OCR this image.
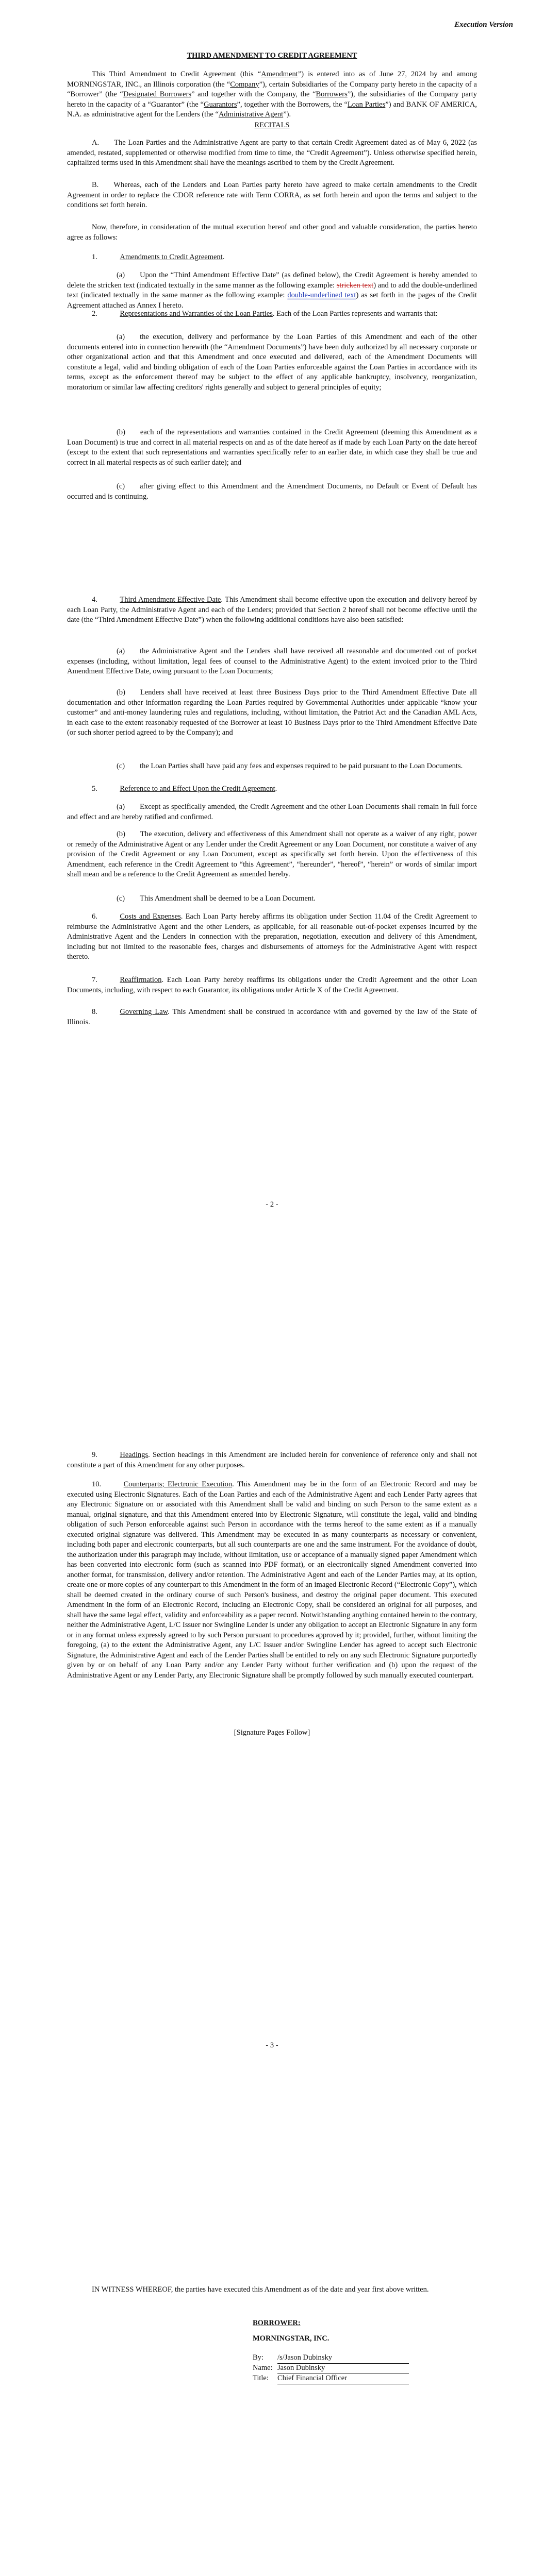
Execution Version
THIRD AMENDMENT TO CREDIT AGREEMENT

This Third Amendment to Credit Agreement (this “Amendment”) is entered into as of June 27, 2024 by and among MORNINGSTAR, INC., an Illinois corporation (the “Company”), certain Subsidiaries of the Company party hereto in the capacity of a “Borrower” (the “Designated Borrowers” and together with the Company, the “Borrowers”), the subsidiaries of the Company party hereto in the capacity of a “Guarantor” (the “Guarantors”, together with the Borrowers, the “Loan Parties”) and BANK OF AMERICA, N.A. as administrative agent for the Lenders (the “Administrative Agent”).

RECITALS

A.  The Loan Parties and the Administrative Agent are party to that certain Credit Agreement dated as of May 6, 2022 (as amended, restated, supplemented or otherwise modified from time to time, the “Credit Agreement”). Unless otherwise specified herein, capitalized terms used in this Amendment shall have the meanings ascribed to them by the Credit Agreement.

B.  Whereas, each of the Lenders and Loan Parties party hereto have agreed to make certain amendments to the Credit Agreement in order to replace the CDOR reference rate with Term CORRA, as set forth herein and upon the terms and subject to the conditions set forth herein.

Now, therefore, in consideration of the mutual execution hereof and other good and valuable consideration, the parties hereto agree as follows:

1.   	Amendments to Credit Agreement.

(a)  Upon the “Third Amendment Effective Date” (as defined below), the Credit Agreement is hereby amended to delete the stricken text (indicated textually in the same manner as the following example: stricken text) and to add the double-underlined text (indicated textually in the same manner as the following example: double-underlined text) as set forth in the pages of the Credit Agreement attached as Annex I hereto.

2.   	Representations and Warranties of the Loan Parties. Each of the Loan Parties represents and warrants that:

(a)  the execution, delivery and performance by the Loan Parties of this Amendment and each of the other documents entered into in connection herewith (the “Amendment Documents”) have been duly authorized by all necessary corporate or other organizational action and that this Amendment and once executed and delivered, each of the Amendment Documents will constitute a legal, valid and binding obligation of each of the Loan Parties enforceable against the Loan Parties in accordance with its terms, except as the enforcement thereof may be subject to the effect of any applicable bankruptcy, insolvency, reorganization, moratorium or similar law affecting creditors' rights generally and subject to general principles of equity;

(b)  each of the representations and warranties contained in the Credit Agreement (deeming this Amendment as a Loan Document) is true and correct in all material respects on and as of the date hereof as if made by each Loan Party on the date hereof (except to the extent that such representations and warranties specifically refer to an earlier date, in which case they shall be true and correct in all material respects as of such earlier date); and

(c)  after giving effect to this Amendment and the Amendment Documents, no Default or Event of Default has occurred and is continuing.

4.   	Third Amendment Effective Date. This Amendment shall become effective upon the execution and delivery hereof by each Loan Party, the Administrative Agent and each of the Lenders; provided that Section 2 hereof shall not become effective until the date (the “Third Amendment Effective Date”) when the following additional conditions have also been satisfied:

(a)  the Administrative Agent and the Lenders shall have received all reasonable and documented out of pocket expenses (including, without limitation, legal fees of counsel to the Administrative Agent) to the extent invoiced prior to the Third Amendment Effective Date, owing pursuant to the Loan Documents;

(b)  Lenders shall have received at least three Business Days prior to the Third Amendment Effective Date all documentation and other information regarding the Loan Parties required by Governmental Authorities under applicable “know your customer” and anti-money laundering rules and regulations, including, without limitation, the Patriot Act and the Canadian AML Acts, in each case to the extent reasonably requested of the Borrower at least 10 Business Days prior to the Third Amendment Effective Date (or such shorter period agreed to by the Company); and

(c)  the Loan Parties shall have paid any fees and expenses required to be paid pursuant to the Loan Documents.

5.   	Reference to and Effect Upon the Credit Agreement.

(a)  Except as specifically amended, the Credit Agreement and the other Loan Documents shall remain in full force and effect and are hereby ratified and confirmed.

(b)  The execution, delivery and effectiveness of this Amendment shall not operate as a waiver of any right, power or remedy of the Administrative Agent or any Lender under the Credit Agreement or any Loan Document, nor constitute a waiver of any provision of the Credit Agreement or any Loan Document, except as specifically set forth herein. Upon the effectiveness of this Amendment, each reference in the Credit Agreement to “this Agreement”, “hereunder”, “hereof”, “herein” or words of similar import shall mean and be a reference to the Credit Agreement as amended hereby.

(c)  This Amendment shall be deemed to be a Loan Document.

6.   	Costs and Expenses. Each Loan Party hereby affirms its obligation under Section 11.04 of the Credit Agreement to reimburse the Administrative Agent and the other Lenders, as applicable, for all reasonable out-of-pocket expenses incurred by the Administrative Agent and the Lenders in connection with the preparation, negotiation, execution and delivery of this Amendment, including but not limited to the reasonable fees, charges and disbursements of attorneys for the Administrative Agent with respect thereto.

7.   	Reaffirmation. Each Loan Party hereby reaffirms its obligations under the Credit Agreement and the other Loan Documents, including, with respect to each Guarantor, its obligations under Article X of the Credit Agreement.

8.   	Governing Law. This Amendment shall be construed in accordance with and governed by the law of the State of Illinois.

- 2 -

9.   	Headings. Section headings in this Amendment are included herein for convenience of reference only and shall not constitute a part of this Amendment for any other purposes.

10.   	Counterparts; Electronic Execution. This Amendment may be in the form of an Electronic Record and may be executed using Electronic Signatures. Each of the Loan Parties and each of the Administrative Agent and each Lender Party agrees that any Electronic Signature on or associated with this Amendment shall be valid and binding on such Person to the same extent as a manual, original signature, and that this Amendment entered into by Electronic Signature, will constitute the legal, valid and binding obligation of such Person enforceable against such Person in accordance with the terms hereof to the same extent as if a manually executed original signature was delivered. This Amendment may be executed in as many counterparts as necessary or convenient, including both paper and electronic counterparts, but all such counterparts are one and the same instrument. For the avoidance of doubt, the authorization under this paragraph may include, without limitation, use or acceptance of a manually signed paper Amendment which has been converted into electronic form (such as scanned into PDF format), or an electronically signed Amendment converted into another format, for transmission, delivery and/or retention. The Administrative Agent and each of the Lender Parties may, at its option, create one or more copies of any counterpart to this Amendment in the form of an imaged Electronic Record (“Electronic Copy”), which shall be deemed created in the ordinary course of such Person's business, and destroy the original paper document. This executed Amendment in the form of an Electronic Record, including an Electronic Copy, shall be considered an original for all purposes, and shall have the same legal effect, validity and enforceability as a paper record. Notwithstanding anything contained herein to the contrary, neither the Administrative Agent, L/C Issuer nor Swingline Lender is under any obligation to accept an Electronic Signature in any form or in any format unless expressly agreed to by such Person pursuant to procedures approved by it; provided, further, without limiting the foregoing, (a) to the extent the Administrative Agent, any L/C Issuer and/or Swingline Lender has agreed to accept such Electronic Signature, the Administrative Agent and each of the Lender Parties shall be entitled to rely on any such Electronic Signature purportedly given by or on behalf of any Loan Party and/or any Lender Party without further verification and (b) upon the request of the Administrative Agent or any Lender Party, any Electronic Signature shall be promptly followed by such manually executed counterpart.

[Signature Pages Follow]
- 3 -

IN WITNESS WHEREOF, the parties have executed this Amendment as of the date and year first above written.

BORROWER:

MORNINGSTAR, INC.

By: /s/Jason Dubinsky

Name: Jason Dubinsky

Title: Chief Financial Officer
